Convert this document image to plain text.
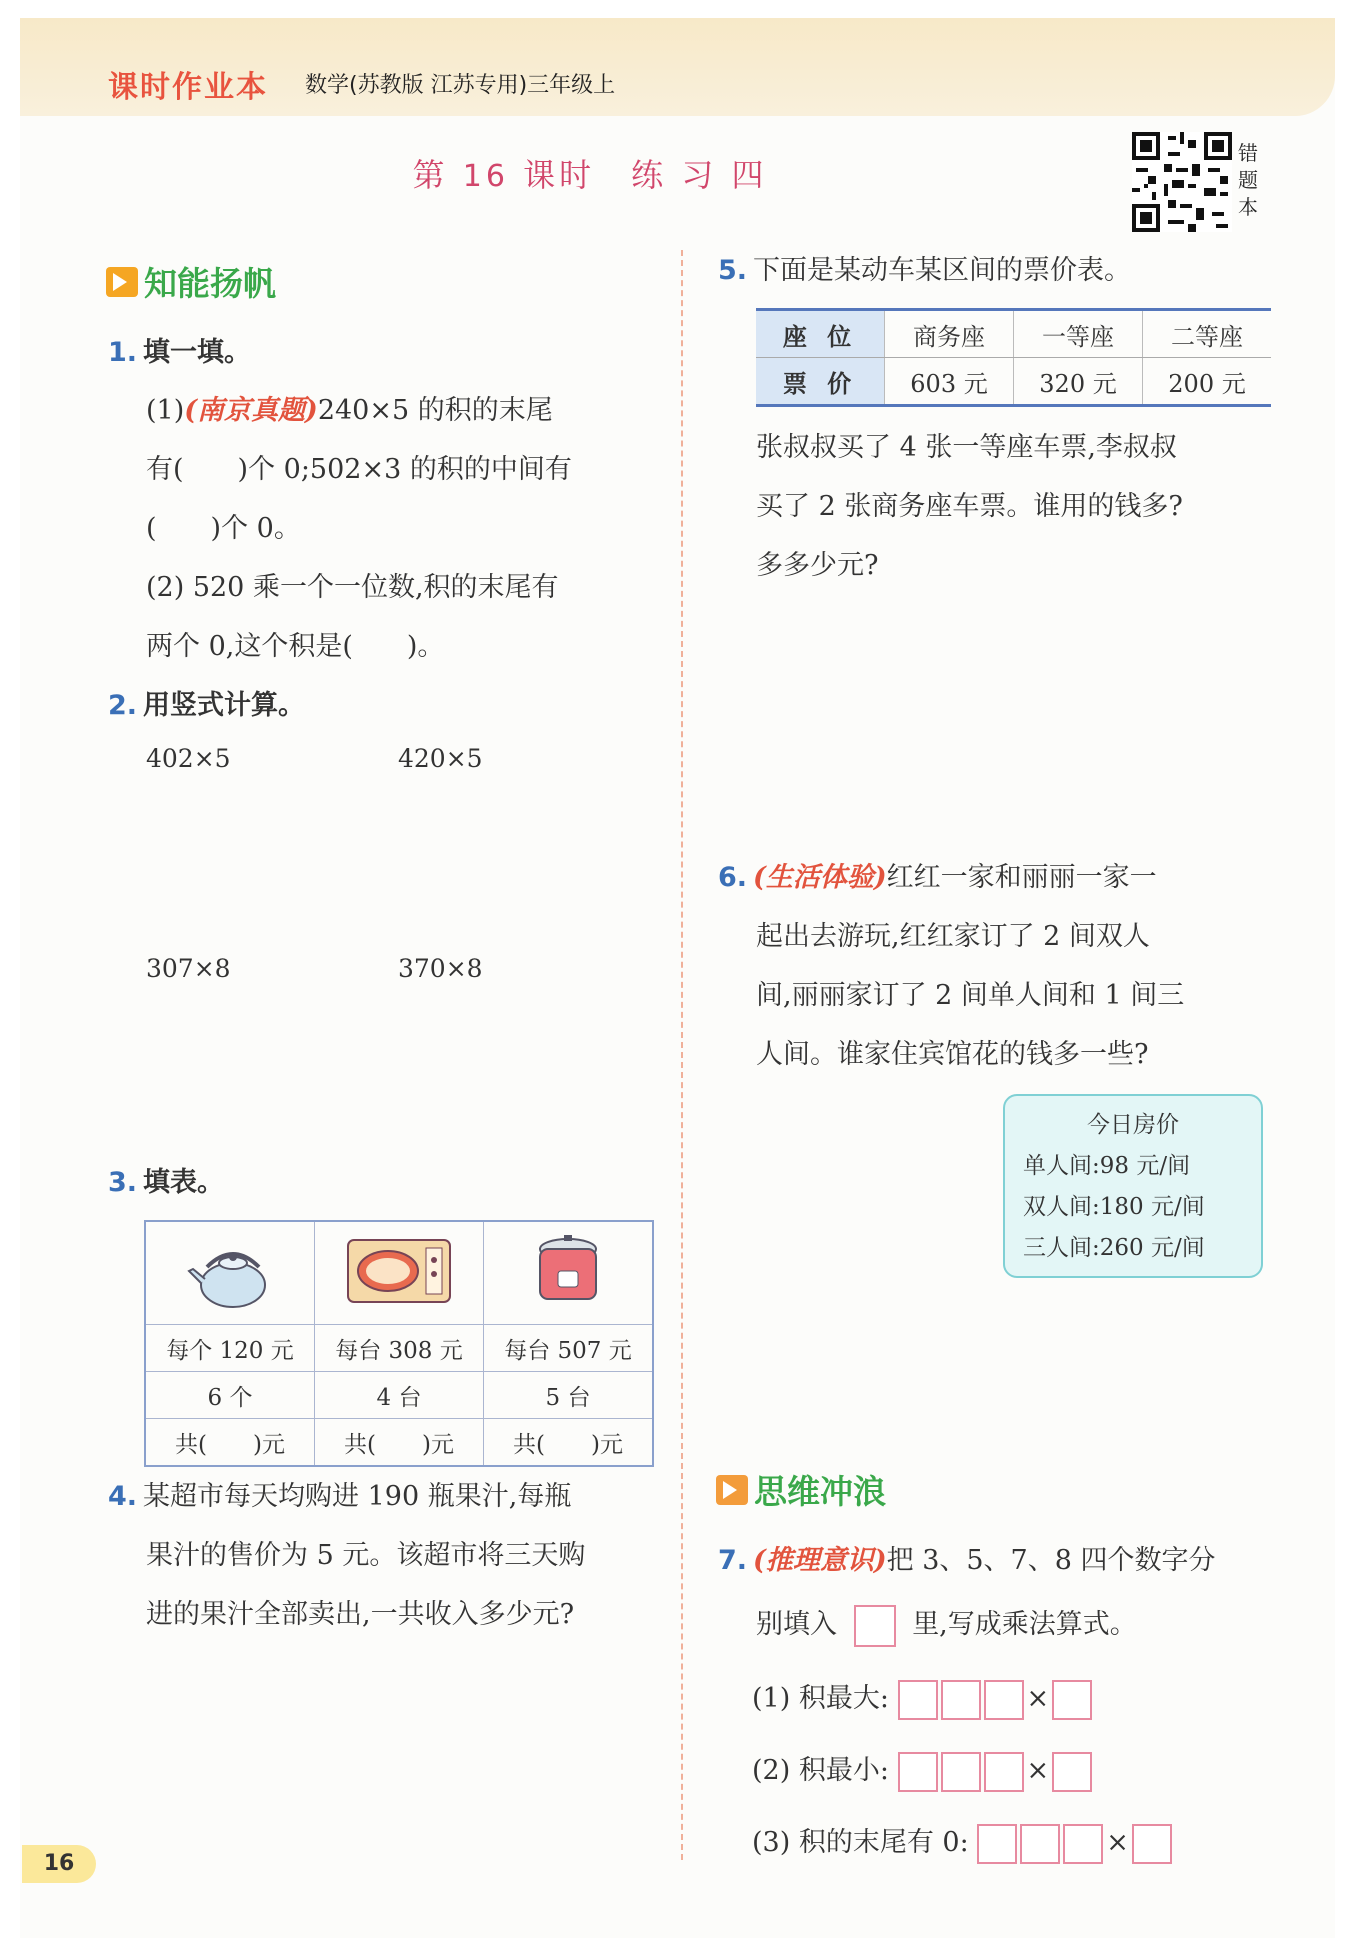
课时作业本 数学(苏教版 江苏专用)三年级上
第 16 课时　练 习 四
错题本
知能扬帆
1. 填一填。
(1)(南京真题)240×5 的积的末尾
有(　　)个 0;502×3 的积的中间有
(　　)个 0。
(2) 520 乘一个一位数,积的末尾有
两个 0,这个积是(　　)。
2. 用竖式计算。
402×5	420×5
307×8	370×8
3. 填表。

每个 120 元	每台 308 元	每台 507 元
6 个	4 台	5 台
共(　　)元	共(　　)元	共(　　)元
4. 某超市每天均购进 190 瓶果汁,每瓶
果汁的售价为 5 元。该超市将三天购
进的果汁全部卖出,一共收入多少元?
5. 下面是某动车某区间的票价表。
座 位	商务座	一等座	二等座
票 价	603 元	320 元	200 元
张叔叔买了 4 张一等座车票,李叔叔
买了 2 张商务座车票。谁用的钱多?
多多少元?
6. (生活体验)红红一家和丽丽一家一
起出去游玩,红红家订了 2 间双人
间,丽丽家订了 2 间单人间和 1 间三
人间。谁家住宾馆花的钱多一些?
今日房价
单人间:98 元/间
双人间:180 元/间
三人间:260 元/间
思维冲浪
7. (推理意识)把 3、5、7、8 四个数字分
别填入	里,写成乘法算式。
(1) 积最大:	×
(2) 积最小:	×
(3) 积的末尾有 0:	×
16
